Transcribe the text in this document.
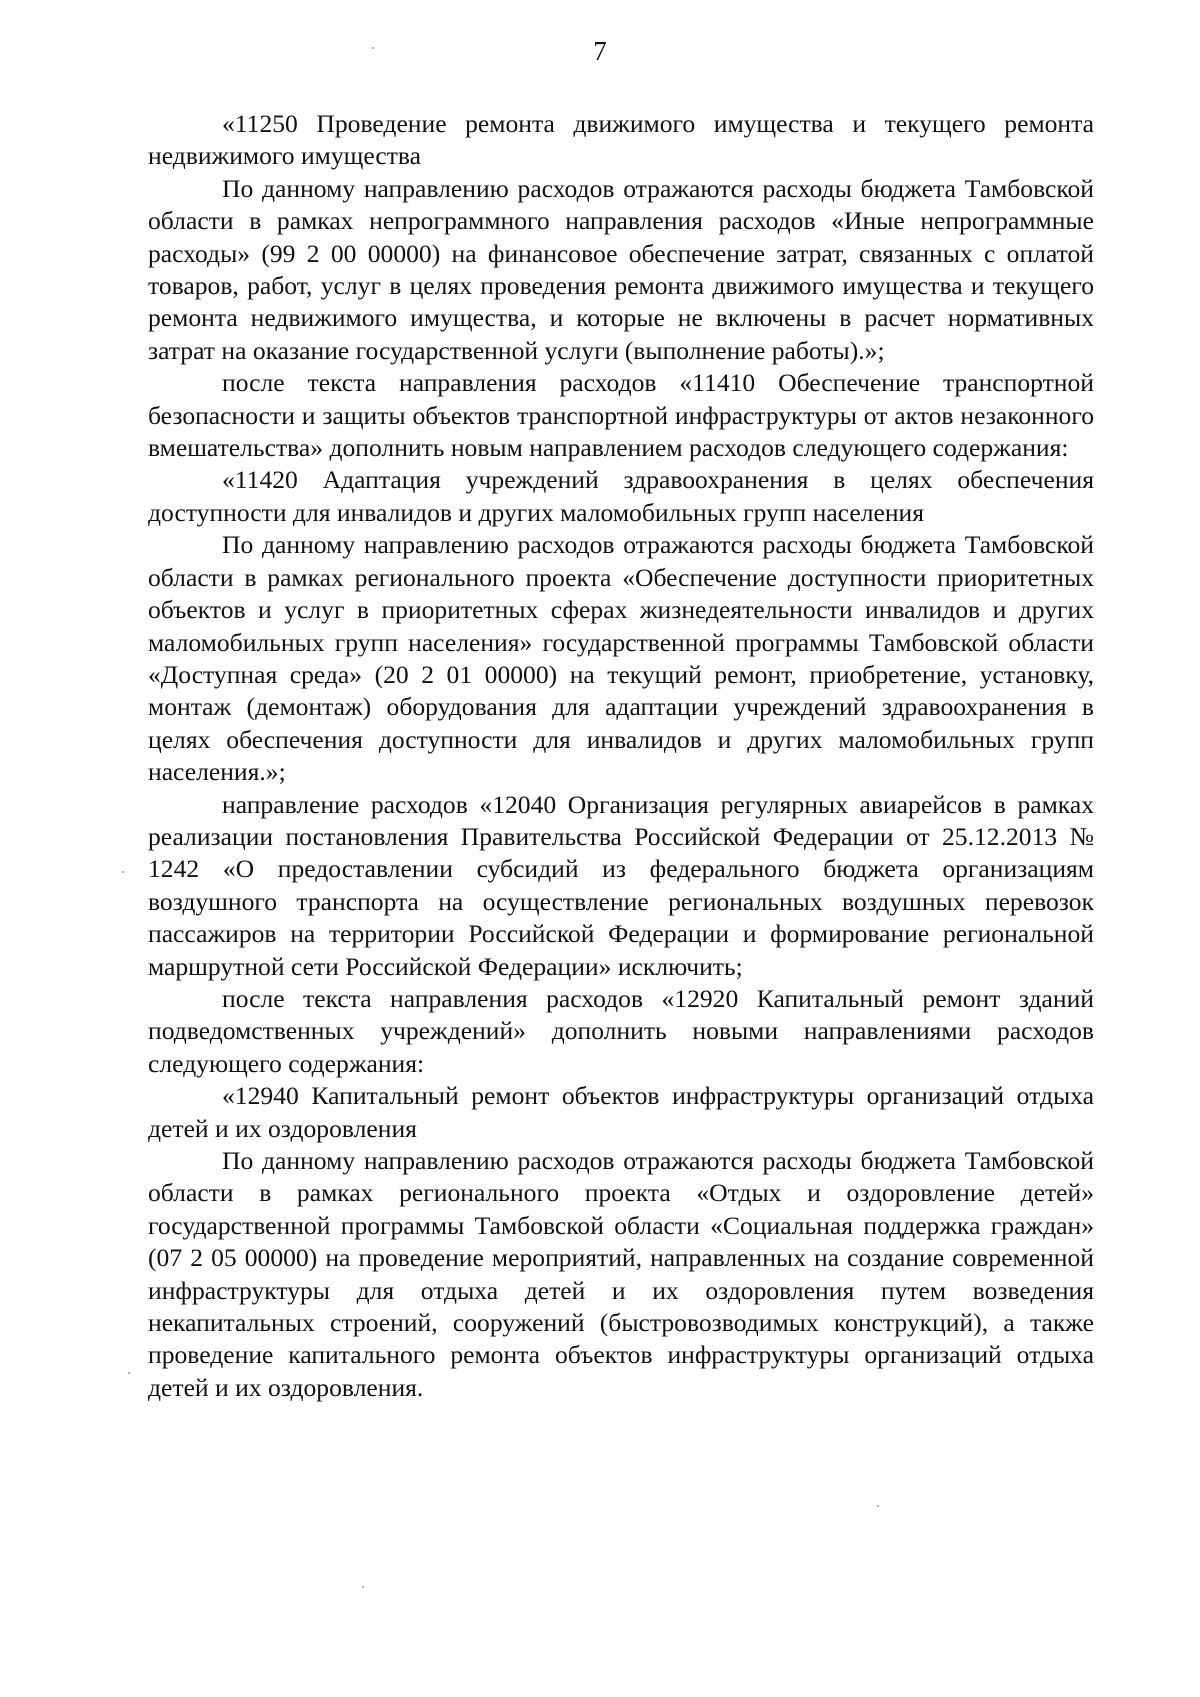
7

«11250 Проведение ремонта движимого имущества и текущего ремонта недвижимого имущества

По данному направлению расходов отражаются расходы бюджета Тамбовской области в рамках непрограммного направления расходов «Иные непрограммные расходы» (99 2 00 00000) на финансовое обеспечение затрат, связанных с оплатой товаров, работ, услуг в целях проведения ремонта движимого имущества и текущего ремонта недвижимого имущества, и которые не включены в расчет нормативных затрат на оказание государственной услуги (выполнение работы).»;

после текста направления расходов «11410 Обеспечение транспортной безопасности и защиты объектов транспортной инфраструктуры от актов незаконного вмешательства» дополнить новым направлением расходов следующего содержания:

«11420 Адаптация учреждений здравоохранения в целях обеспечения доступности для инвалидов и других маломобильных групп населения

По данному направлению расходов отражаются расходы бюджета Тамбовской области в рамках регионального проекта «Обеспечение доступности приоритетных объектов и услуг в приоритетных сферах жизнедеятельности инвалидов и других маломобильных групп населения» государственной программы Тамбовской области «Доступная среда» (20 2 01 00000) на текущий ремонт, приобретение, установку, монтаж (демонтаж) оборудования для адаптации учреждений здравоохранения в целях обеспечения доступности для инвалидов и других маломобильных групп населения.»;

направление расходов «12040 Организация регулярных авиарейсов в рамках реализации постановления Правительства Российской Федерации от 25.12.2013 № 1242 «О предоставлении субсидий из федерального бюджета организациям воздушного транспорта на осуществление региональных воздушных перевозок пассажиров на территории Российской Федерации и формирование региональной маршрутной сети Российской Федерации» исключить;

после текста направления расходов «12920 Капитальный ремонт зданий подведомственных учреждений» дополнить новыми направлениями расходов следующего содержания:

«12940 Капитальный ремонт объектов инфраструктуры организаций отдыха детей и их оздоровления

По данному направлению расходов отражаются расходы бюджета Тамбовской области в рамках регионального проекта «Отдых и оздоровление детей» государственной программы Тамбовской области «Социальная поддержка граждан» (07 2 05 00000) на проведение мероприятий, направленных на создание современной инфраструктуры для отдыха детей и их оздоровления путем возведения некапитальных строений, сооружений (быстровозводимых конструкций), а также проведение капитального ремонта объектов инфраструктуры организаций отдыха детей и их оздоровления.
